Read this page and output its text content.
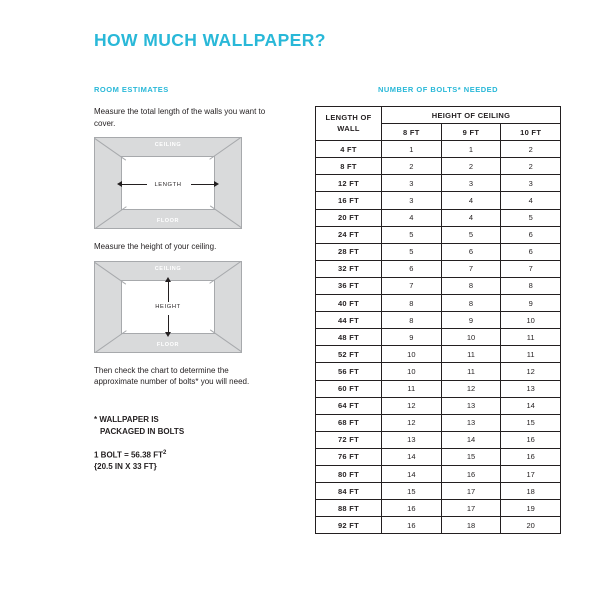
HOW MUCH WALLPAPER?
ROOM ESTIMATES

Measure the total length of the walls you want to cover.

CEILING
FLOOR
LENGTH

Measure the height of your ceiling.

CEILING
FLOOR
HEIGHT

Then check the chart to determine the approximate number of bolts* you will need.

* WALLPAPER IS
PACKAGED IN BOLTS
1 BOLT = 56.38 $FT^2$
{20.5 IN X 33 FT}
NUMBER OF BOLTS* NEEDED
LENGTH OF WALL	HEIGHT OF CEILING		
	8 FT	9 FT	10 FT
4 FT	1	1	2
8 FT	2	2	2
12 FT	3	3	3
16 FT	3	4	4
20 FT	4	4	5
24 FT	5	5	6
28 FT	5	6	6
32 FT	6	7	7
36 FT	7	8	8
40 FT	8	8	9
44 FT	8	9	10
48 FT	9	10	11
52 FT	10	11	11
56 FT	10	11	12
60 FT	11	12	13
64 FT	12	13	14
68 FT	12	13	15
72 FT	13	14	16
76 FT	14	15	16
80 FT	14	16	17
84 FT	15	17	18
88 FT	16	17	19
92 FT	16	18	20
